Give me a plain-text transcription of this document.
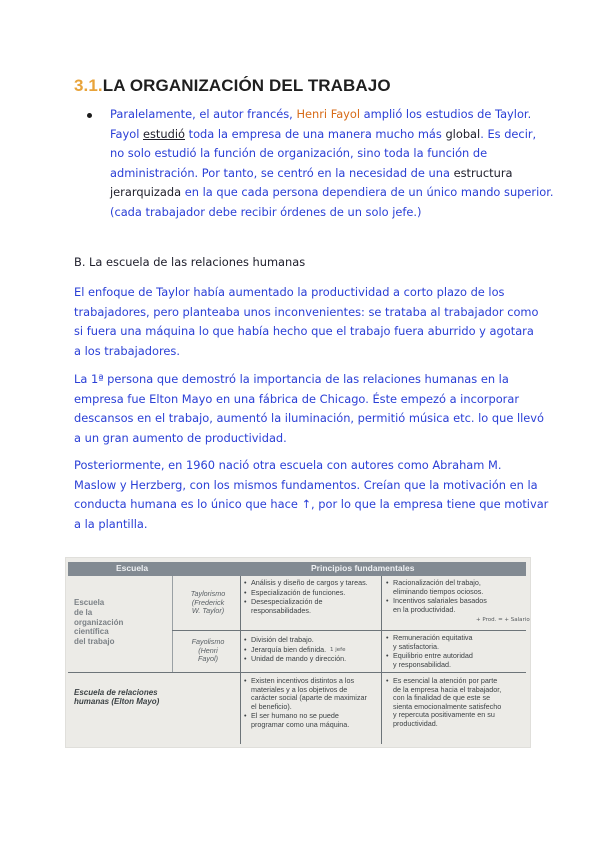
3.1.LA ORGANIZACIÓN DEL TRABAJO
Paralelamente, el autor francés, Henri Fayol amplió los estudios de Taylor.
Fayol estudió toda la empresa de una manera mucho más global. Es decir,
no solo estudió la función de organización, sino toda la función de
administración. Por tanto, se centró en la necesidad de una estructura
jerarquizada en la que cada persona dependiera de un único mando superior.
(cada trabajador debe recibir órdenes de un solo jefe.)
B. La escuela de las relaciones humanas
El enfoque de Taylor había aumentado la productividad a corto plazo de los
trabajadores, pero planteaba unos inconvenientes: se trataba al trabajador como
si fuera una máquina lo que había hecho que el trabajo fuera aburrido y agotara
a los trabajadores.
La 1ª persona que demostró la importancia de las relaciones humanas en la
empresa fue Elton Mayo en una fábrica de Chicago. Éste empezó a incorporar
descansos en el trabajo, aumentó la iluminación, permitió música etc. lo que llevó
a un gran aumento de productividad.
Posteriormente, en 1960 nació otra escuela con autores como Abraham M.
Maslow y Herzberg, con los mismos fundamentos. Creían que la motivación en la
conducta humana es lo único que hace ↑, por lo que la empresa tiene que motivar
a la plantilla.
Escuela	Principios fundamentales
Escuela
de la
organización
científica
del trabajo
Taylorismo
(Frederick
W. Taylor)
• Análisis y diseño de cargos y tareas.
• Especialización de funciones.
• Desespecialización de
responsabilidades.
• Racionalización del trabajo,
eliminando tiempos ociosos.
• Incentivos salariales basados
en la productividad.
+ Prod. = + Salario
Fayolismo
(Henri
Fayol)
• División del trabajo.
• Jerarquía bien definida.
• Unidad de mando y dirección.
1 jefe
• Remuneración equitativa
y satisfactoria.
• Equilibrio entre autoridad
y responsabilidad.
Escuela de relaciones
humanas (Elton Mayo)
• Existen incentivos distintos a los
materiales y a los objetivos de
carácter social (aparte de maximizar
el beneficio).
• El ser humano no se puede
programar como una máquina.
• Es esencial la atención por parte
de la empresa hacia el trabajador,
con la finalidad de que este se
sienta emocionalmente satisfecho
y repercuta positivamente en su
productividad.
